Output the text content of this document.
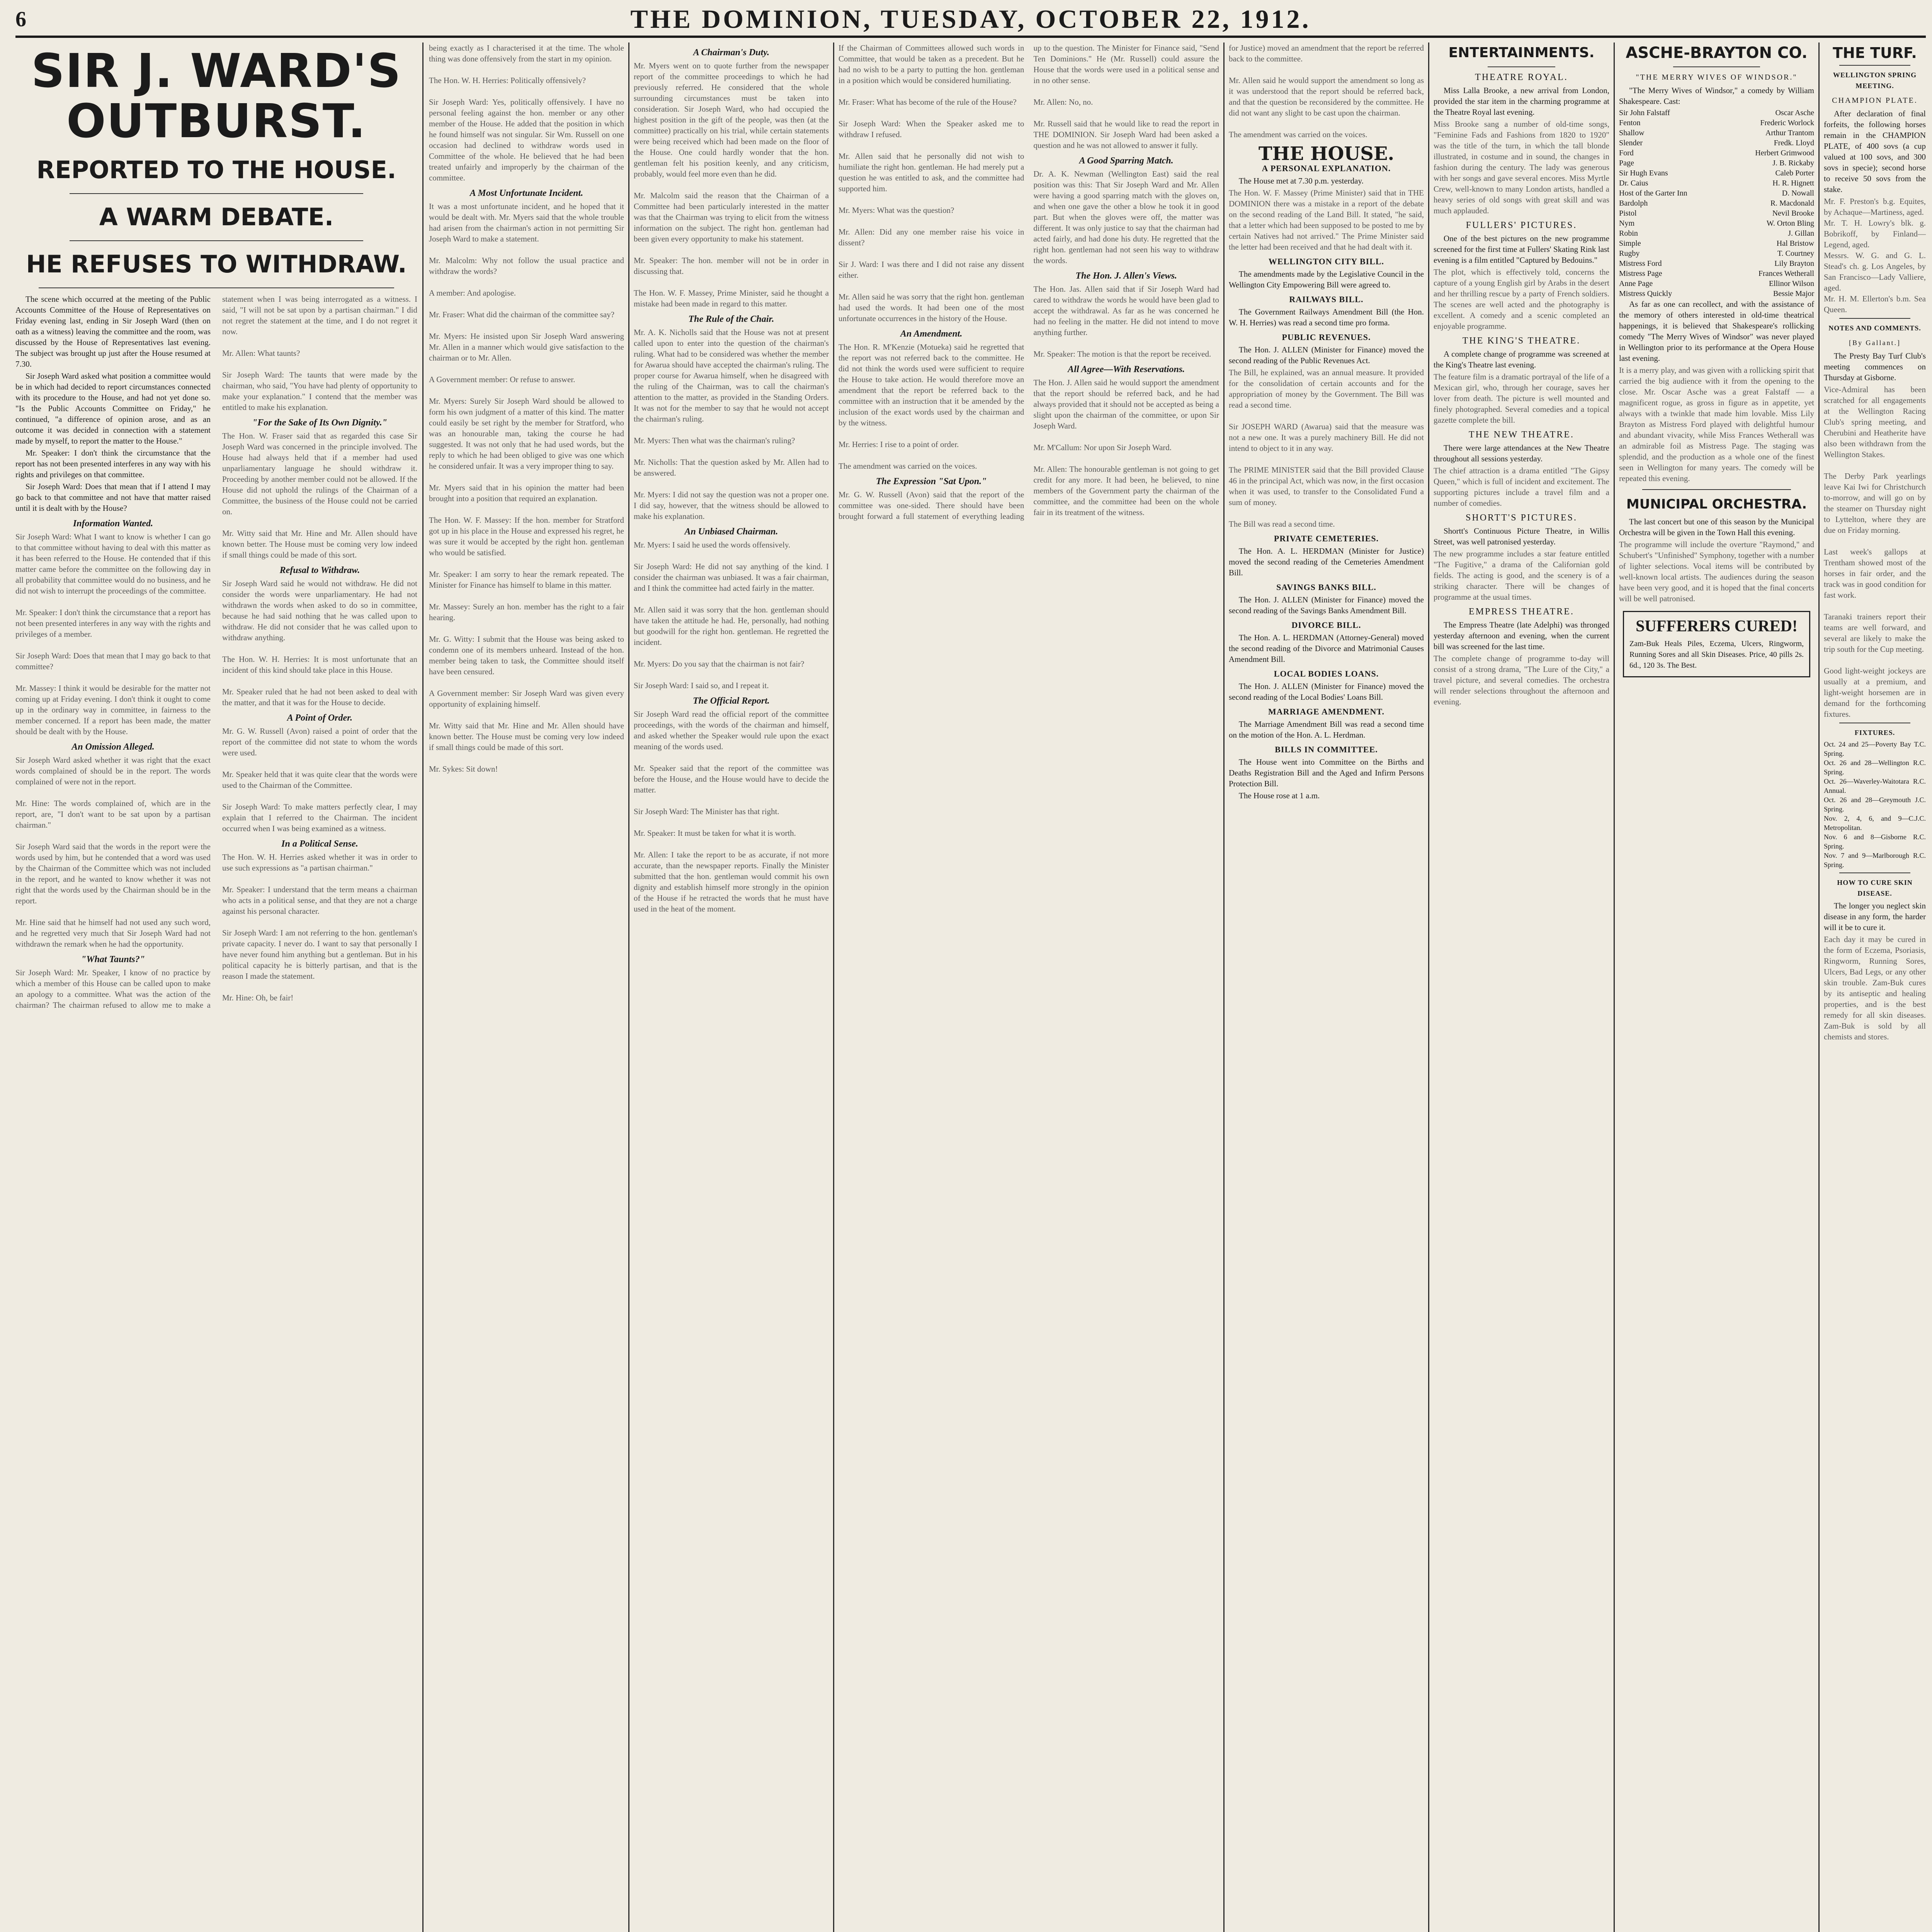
6	THE DOMINION, TUESDAY, OCTOBER 22, 1912.
SIR J. WARD'S OUTBURST.
REPORTED TO THE HOUSE.
A WARM DEBATE.
HE REFUSES TO WITHDRAW.

The scene which occurred at the meeting of the Public Accounts Committee of the House of Representatives on Friday evening last, ending in Sir Joseph Ward (then on oath as a witness) leaving the committee and the room, was discussed by the House of Representatives last evening. The subject was brought up just after the House resumed at 7.30.

Sir Joseph Ward asked what position a committee would be in which had decided to report circumstances connected with its procedure to the House, and had not yet done so. "Is the Public Accounts Committee on Friday," he continued, "a difference of opinion arose, and as an outcome it was decided in connection with a statement made by myself, to report the matter to the House."

Mr. Speaker: I don't think the circumstance that the report has not been presented interferes in any way with his rights and privileges on that committee.

Sir Joseph Ward: Does that mean that if I attend I may go back to that committee and not have that matter raised until it is dealt with by the House?

Information Wanted.

Sir Joseph Ward: What I want to know is whether I can go to that committee without having to deal with this matter as it has been referred to the House. He contended that if this matter came before the committee on the following day in all probability that committee would do no business, and he did not wish to interrupt the proceedings of the committee.

Mr. Speaker: I don't think the circumstance that a report has not been presented interferes in any way with the rights and privileges of a member.

Sir Joseph Ward: Does that mean that I may go back to that committee?

Mr. Massey: I think it would be desirable for the matter not coming up at Friday evening. I don't think it ought to come up in the ordinary way in committee, in fairness to the member concerned. If a report has been made, the matter should be dealt with by the House.

An Omission Alleged.

Sir Joseph Ward asked whether it was right that the exact words complained of should be in the report. The words complained of were not in the report.

Mr. Hine: The words complained of, which are in the report, are, "I don't want to be sat upon by a partisan chairman."

Sir Joseph Ward said that the words in the report were the words used by him, but he contended that a word was used by the Chairman of the Committee which was not included in the report, and he wanted to know whether it was not right that the words used by the Chairman should be in the report.

Mr. Hine said that he himself had not used any such word, and he regretted very much that Sir Joseph Ward had not withdrawn the remark when he had the opportunity.

"What Taunts?"

Sir Joseph Ward: Mr. Speaker, I know of no practice by which a member of this House can be called upon to make an apology to a committee. What was the action of the chairman? The chairman refused to allow me to make a statement when I was being interrogated as a witness. I said, "I will not be sat upon by a partisan chairman." I did not regret the statement at the time, and I do not regret it now.

Mr. Allen: What taunts?

Sir Joseph Ward: The taunts that were made by the chairman, who said, "You have had plenty of opportunity to make your explanation." I contend that the member was entitled to make his explanation.

"For the Sake of Its Own Dignity."

The Hon. W. Fraser said that as regarded this case Sir Joseph Ward was concerned in the principle involved. The House had always held that if a member had used unparliamentary language he should withdraw it. Proceeding by another member could not be allowed. If the House did not uphold the rulings of the Chairman of a Committee, the business of the House could not be carried on.

Mr. Witty said that Mr. Hine and Mr. Allen should have known better. The House must be coming very low indeed if small things could be made of this sort.

Refusal to Withdraw.

Sir Joseph Ward said he would not withdraw. He did not consider the words were unparliamentary. He had not withdrawn the words when asked to do so in committee, because he had said nothing that he was called upon to withdraw. He did not consider that he was called upon to withdraw anything.

The Hon. W. H. Herries: It is most unfortunate that an incident of this kind should take place in this House.

Mr. Speaker ruled that he had not been asked to deal with the matter, and that it was for the House to decide.

A Point of Order.

Mr. G. W. Russell (Avon) raised a point of order that the report of the committee did not state to whom the words were used.

Mr. Speaker held that it was quite clear that the words were used to the Chairman of the Committee.

Sir Joseph Ward: To make matters perfectly clear, I may explain that I referred to the Chairman. The incident occurred when I was being examined as a witness.

In a Political Sense.

The Hon. W. H. Herries asked whether it was in order to use such expressions as "a partisan chairman."

Mr. Speaker: I understand that the term means a chairman who acts in a political sense, and that they are not a charge against his personal character.

Sir Joseph Ward: I am not referring to the hon. gentleman's private capacity. I never do. I want to say that personally I have never found him anything but a gentleman. But in his political capacity he is bitterly partisan, and that is the reason I made the statement.

Mr. Hine: Oh, be fair!

being exactly as I characterised it at the time. The whole thing was done offensively from the start in my opinion.

The Hon. W. H. Herries: Politically offensively?

Sir Joseph Ward: Yes, politically offensively. I have no personal feeling against the hon. member or any other member of the House. He added that the position in which he found himself was not singular. Sir Wm. Russell on one occasion had declined to withdraw words used in Committee of the whole. He believed that he had been treated unfairly and improperly by the chairman of the committee.

A Most Unfortunate Incident.

It was a most unfortunate incident, and he hoped that it would be dealt with. Mr. Myers said that the whole trouble had arisen from the chairman's action in not permitting Sir Joseph Ward to make a statement.

Mr. Malcolm: Why not follow the usual practice and withdraw the words?

A member: And apologise.

Mr. Fraser: What did the chairman of the committee say?

Mr. Myers: He insisted upon Sir Joseph Ward answering Mr. Allen in a manner which would give satisfaction to the chairman or to Mr. Allen.

A Government member: Or refuse to answer.

Mr. Myers: Surely Sir Joseph Ward should be allowed to form his own judgment of a matter of this kind. The matter could easily be set right by the member for Stratford, who was an honourable man, taking the course he had suggested. It was not only that he had used words, but the reply to which he had been obliged to give was one which he considered unfair. It was a very improper thing to say.

Mr. Myers said that in his opinion the matter had been brought into a position that required an explanation.

The Hon. W. F. Massey: If the hon. member for Stratford got up in his place in the House and expressed his regret, he was sure it would be accepted by the right hon. gentleman who would be satisfied.

Mr. Speaker: I am sorry to hear the remark repeated. The Minister for Finance has himself to blame in this matter.

Mr. Massey: Surely an hon. member has the right to a fair hearing.

Mr. G. Witty: I submit that the House was being asked to condemn one of its members unheard. Instead of the hon. member being taken to task, the Committee should itself have been censured.

A Government member: Sir Joseph Ward was given every opportunity of explaining himself.

Mr. Witty said that Mr. Hine and Mr. Allen should have known better. The House must be coming very low indeed if small things could be made of this sort.

Mr. Sykes: Sit down!

A Chairman's Duty.

Mr. Myers went on to quote further from the newspaper report of the committee proceedings to which he had previously referred. He considered that the whole surrounding circumstances must be taken into consideration. Sir Joseph Ward, who had occupied the highest position in the gift of the people, was then (at the committee) practically on his trial, while certain statements were being received which had been made on the floor of the House. One could hardly wonder that the hon. gentleman felt his position keenly, and any criticism, probably, would feel more even than he did.

Mr. Malcolm said the reason that the Chairman of a Committee had been particularly interested in the matter was that the Chairman was trying to elicit from the witness information on the subject. The right hon. gentleman had been given every opportunity to make his statement.

Mr. Speaker: The hon. member will not be in order in discussing that.

The Hon. W. F. Massey, Prime Minister, said he thought a mistake had been made in regard to this matter.

The Rule of the Chair.

Mr. A. K. Nicholls said that the House was not at present called upon to enter into the question of the chairman's ruling. What had to be considered was whether the member for Awarua should have accepted the chairman's ruling. The proper course for Awarua himself, when he disagreed with the ruling of the Chairman, was to call the chairman's attention to the matter, as provided in the Standing Orders. It was not for the member to say that he would not accept the chairman's ruling.

Mr. Myers: Then what was the chairman's ruling?

Mr. Nicholls: That the question asked by Mr. Allen had to be answered.

Mr. Myers: I did not say the question was not a proper one. I did say, however, that the witness should be allowed to make his explanation.

An Unbiased Chairman.

Mr. Myers: I said he used the words offensively.

Sir Joseph Ward: He did not say anything of the kind. I consider the chairman was unbiased. It was a fair chairman, and I think the committee had acted fairly in the matter.

Mr. Allen said it was sorry that the hon. gentleman should have taken the attitude he had. He, personally, had nothing but goodwill for the right hon. gentleman. He regretted the incident.

Mr. Myers: Do you say that the chairman is not fair?

Sir Joseph Ward: I said so, and I repeat it.

The Official Report.

Sir Joseph Ward read the official report of the committee proceedings, with the words of the chairman and himself, and asked whether the Speaker would rule upon the exact meaning of the words used.

Mr. Speaker said that the report of the committee was before the House, and the House would have to decide the matter.

Sir Joseph Ward: The Minister has that right.

Mr. Speaker: It must be taken for what it is worth.

Mr. Allen: I take the report to be as accurate, if not more accurate, than the newspaper reports. Finally the Minister submitted that the hon. gentleman would commit his own dignity and establish himself more strongly in the opinion of the House if he retracted the words that he must have used in the heat of the moment.

If the Chairman of Committees allowed such words in Committee, that would be taken as a precedent. But he had no wish to be a party to putting the hon. gentleman in a position which would be considered humiliating.

Mr. Fraser: What has become of the rule of the House?

Sir Joseph Ward: When the Speaker asked me to withdraw I refused.

Mr. Allen said that he personally did not wish to humiliate the right hon. gentleman. He had merely put a question he was entitled to ask, and the committee had supported him.

Mr. Myers: What was the question?

Mr. Allen: Did any one member raise his voice in dissent?

Sir J. Ward: I was there and I did not raise any dissent either.

Mr. Allen said he was sorry that the right hon. gentleman had used the words. It had been one of the most unfortunate occurrences in the history of the House.

An Amendment.

The Hon. R. M'Kenzie (Motueka) said he regretted that the report was not referred back to the committee. He did not think the words used were sufficient to require the House to take action. He would therefore move an amendment that the report be referred back to the committee with an instruction that it be amended by the inclusion of the exact words used by the chairman and by the witness.

Mr. Herries: I rise to a point of order.

The amendment was carried on the voices.

The Expression "Sat Upon."

Mr. G. W. Russell (Avon) said that the report of the committee was one-sided. There should have been brought forward a full statement of everything leading up to the question. The Minister for Finance said, "Send Ten Dominions." He (Mr. Russell) could assure the House that the words were used in a political sense and in no other sense.

Mr. Allen: No, no.

Mr. Russell said that he would like to read the report in THE DOMINION. Sir Joseph Ward had been asked a question and he was not allowed to answer it fully.

A Good Sparring Match.

Dr. A. K. Newman (Wellington East) said the real position was this: That Sir Joseph Ward and Mr. Allen were having a good sparring match with the gloves on, and when one gave the other a blow he took it in good part. But when the gloves were off, the matter was different. It was only justice to say that the chairman had acted fairly, and had done his duty. He regretted that the right hon. gentleman had not seen his way to withdraw the words.

The Hon. J. Allen's Views.

The Hon. Jas. Allen said that if Sir Joseph Ward had cared to withdraw the words he would have been glad to accept the withdrawal. As far as he was concerned he had no feeling in the matter. He did not intend to move anything further.

Mr. Speaker: The motion is that the report be received.

All Agree—With Reservations.

The Hon. J. Allen said he would support the amendment that the report should be referred back, and he had always provided that it should not be accepted as being a slight upon the chairman of the committee, or upon Sir Joseph Ward.

Mr. M'Callum: Nor upon Sir Joseph Ward.

Mr. Allen: The honourable gentleman is not going to get credit for any more. It had been, he believed, to nine members of the Government party the chairman of the committee, and the committee had been on the whole fair in its treatment of the witness.

for Justice) moved an amendment that the report be referred back to the committee.

Mr. Allen said he would support the amendment so long as it was understood that the report should be referred back, and that the question be reconsidered by the committee. He did not want any slight to be cast upon the chairman.

The amendment was carried on the voices.

THE HOUSE.
A PERSONAL EXPLANATION.

The House met at 7.30 p.m. yesterday.

The Hon. W. F. Massey (Prime Minister) said that in THE DOMINION there was a mistake in a report of the debate on the second reading of the Land Bill. It stated, "he said, that a letter which had been supposed to be posted to me by certain Natives had not arrived." The Prime Minister said the letter had been received and that he had dealt with it.

WELLINGTON CITY BILL.

The amendments made by the Legislative Council in the Wellington City Empowering Bill were agreed to.

RAILWAYS BILL.

The Government Railways Amendment Bill (the Hon. W. H. Herries) was read a second time pro forma.

PUBLIC REVENUES.

The Hon. J. ALLEN (Minister for Finance) moved the second reading of the Public Revenues Act.

The Bill, he explained, was an annual measure. It provided for the consolidation of certain accounts and for the appropriation of money by the Government. The Bill was read a second time.

Sir JOSEPH WARD (Awarua) said that the measure was not a new one. It was a purely machinery Bill. He did not intend to object to it in any way.

The PRIME MINISTER said that the Bill provided Clause 46 in the principal Act, which was now, in the first occasion when it was used, to transfer to the Consolidated Fund a sum of money.

The Bill was read a second time.

PRIVATE CEMETERIES.

The Hon. A. L. HERDMAN (Minister for Justice) moved the second reading of the Cemeteries Amendment Bill.

SAVINGS BANKS BILL.

The Hon. J. ALLEN (Minister for Finance) moved the second reading of the Savings Banks Amendment Bill.

DIVORCE BILL.

The Hon. A. L. HERDMAN (Attorney-General) moved the second reading of the Divorce and Matrimonial Causes Amendment Bill.

LOCAL BODIES LOANS.

The Hon. J. ALLEN (Minister for Finance) moved the second reading of the Local Bodies' Loans Bill.

MARRIAGE AMENDMENT.

The Marriage Amendment Bill was read a second time on the motion of the Hon. A. L. Herdman.

BILLS IN COMMITTEE.

The House went into Committee on the Births and Deaths Registration Bill and the Aged and Infirm Persons Protection Bill.

The House rose at 1 a.m.

ENTERTAINMENTS.
THEATRE ROYAL.

Miss Lalla Brooke, a new arrival from London, provided the star item in the charming programme at the Theatre Royal last evening.

Miss Brooke sang a number of old-time songs, "Feminine Fads and Fashions from 1820 to 1920" was the title of the turn, in which the tall blonde illustrated, in costume and in sound, the changes in fashion during the century. The lady was generous with her songs and gave several encores. Miss Myrtle Crew, well-known to many London artists, handled a heavy series of old songs with great skill and was much applauded.

FULLERS' PICTURES.

One of the best pictures on the new programme screened for the first time at Fullers' Skating Rink last evening is a film entitled "Captured by Bedouins."

The plot, which is effectively told, concerns the capture of a young English girl by Arabs in the desert and her thrilling rescue by a party of French soldiers. The scenes are well acted and the photography is excellent. A comedy and a scenic completed an enjoyable programme.

THE KING'S THEATRE.

A complete change of programme was screened at the King's Theatre last evening.

The feature film is a dramatic portrayal of the life of a Mexican girl, who, through her courage, saves her lover from death. The picture is well mounted and finely photographed. Several comedies and a topical gazette complete the bill.

THE NEW THEATRE.

There were large attendances at the New Theatre throughout all sessions yesterday.

The chief attraction is a drama entitled "The Gipsy Queen," which is full of incident and excitement. The supporting pictures include a travel film and a number of comedies.

SHORTT'S PICTURES.

Shortt's Continuous Picture Theatre, in Willis Street, was well patronised yesterday.

The new programme includes a star feature entitled "The Fugitive," a drama of the Californian gold fields. The acting is good, and the scenery is of a striking character. There will be changes of programme at the usual times.

EMPRESS THEATRE.

The Empress Theatre (late Adelphi) was thronged yesterday afternoon and evening, when the current bill was screened for the last time.

The complete change of programme to-day will consist of a strong drama, "The Lure of the City," a travel picture, and several comedies. The orchestra will render selections throughout the afternoon and evening.

ASCHE-BRAYTON CO.
"THE MERRY WIVES OF WINDSOR."

"The Merry Wives of Windsor," a comedy by William Shakespeare. Cast:

Sir John Falstaff	Oscar Asche
Fenton	Frederic Worlock
Shallow	Arthur Trantom
Slender	Fredk. Lloyd
Ford	Herbert Grimwood
Page	J. B. Rickaby
Sir Hugh Evans	Caleb Porter
Dr. Caius	H. R. Hignett
Host of the Garter Inn	D. Nowall
Bardolph	R. Macdonald
Pistol	Nevil Brooke
Nym	W. Orton Bling
Robin	J. Gillan
Simple	Hal Bristow
Rugby	T. Courtney
Mistress Ford	Lily Brayton
Mistress Page	Frances Wetherall
Anne Page	Ellinor Wilson
Mistress Quickly	Bessie Major

As far as one can recollect, and with the assistance of the memory of others interested in old-time theatrical happenings, it is believed that Shakespeare's rollicking comedy "The Merry Wives of Windsor" was never played in Wellington prior to its performance at the Opera House last evening.

It is a merry play, and was given with a rollicking spirit that carried the big audience with it from the opening to the close. Mr. Oscar Asche was a great Falstaff — a magnificent rogue, as gross in figure as in appetite, yet always with a twinkle that made him lovable. Miss Lily Brayton as Mistress Ford played with delightful humour and abundant vivacity, while Miss Frances Wetherall was an admirable foil as Mistress Page. The staging was splendid, and the production as a whole one of the finest seen in Wellington for many years. The comedy will be repeated this evening.

MUNICIPAL ORCHESTRA.

The last concert but one of this season by the Municipal Orchestra will be given in the Town Hall this evening.

The programme will include the overture "Raymond," and Schubert's "Unfinished" Symphony, together with a number of lighter selections. Vocal items will be contributed by well-known local artists. The audiences during the season have been very good, and it is hoped that the final concerts will be well patronised.

SUFFERERS CURED!
Zam-Buk Heals Piles, Eczema, Ulcers, Ringworm, Running Sores and all Skin Diseases. Price, 40 pills 2s. 6d., 120 3s. The Best.
THE TURF.
WELLINGTON SPRING MEETING.
CHAMPION PLATE.

After declaration of final forfeits, the following horses remain in the CHAMPION PLATE, of 400 sovs (a cup valued at 100 sovs, and 300 sovs in specie); second horse to receive 50 sovs from the stake.

Mr. F. Preston's b.g. Equites, by Achaque—Martiness, aged.
Mr. T. H. Lowry's blk. g. Bobrikoff, by Finland—Legend, aged.
Messrs. W. G. and G. L. Stead's ch. g. Los Angeles, by San Francisco—Lady Valliere, aged.
Mr. H. M. Ellerton's b.m. Sea Queen.

NOTES AND COMMENTS.
[By Gallant.]

The Presty Bay Turf Club's meeting commences on Thursday at Gisborne.

Vice-Admiral has been scratched for all engagements at the Wellington Racing Club's spring meeting, and Cherubini and Heatherite have also been withdrawn from the Wellington Stakes.

The Derby Park yearlings leave Kai Iwi for Christchurch to-morrow, and will go on by the steamer on Thursday night to Lyttelton, where they are due on Friday morning.

Last week's gallops at Trentham showed most of the horses in fair order, and the track was in good condition for fast work.

Taranaki trainers report their teams are well forward, and several are likely to make the trip south for the Cup meeting.

Good light-weight jockeys are usually at a premium, and light-weight horsemen are in demand for the forthcoming fixtures.

FIXTURES.
Oct. 24 and 25—Poverty Bay T.C. Spring.
Oct. 26 and 28—Wellington R.C. Spring.
Oct. 26—Waverley-Waitotara R.C. Annual.
Oct. 26 and 28—Greymouth J.C. Spring.
Nov. 2, 4, 6, and 9—C.J.C. Metropolitan.
Nov. 6 and 8—Gisborne R.C. Spring.
Nov. 7 and 9—Marlborough R.C. Spring.
HOW TO CURE SKIN DISEASE.

The longer you neglect skin disease in any form, the harder will it be to cure it.

Each day it may be cured in the form of Eczema, Psoriasis, Ringworm, Running Sores, Ulcers, Bad Legs, or any other skin trouble. Zam-Buk cures by its antiseptic and healing properties, and is the best remedy for all skin diseases. Zam-Buk is sold by all chemists and stores.
